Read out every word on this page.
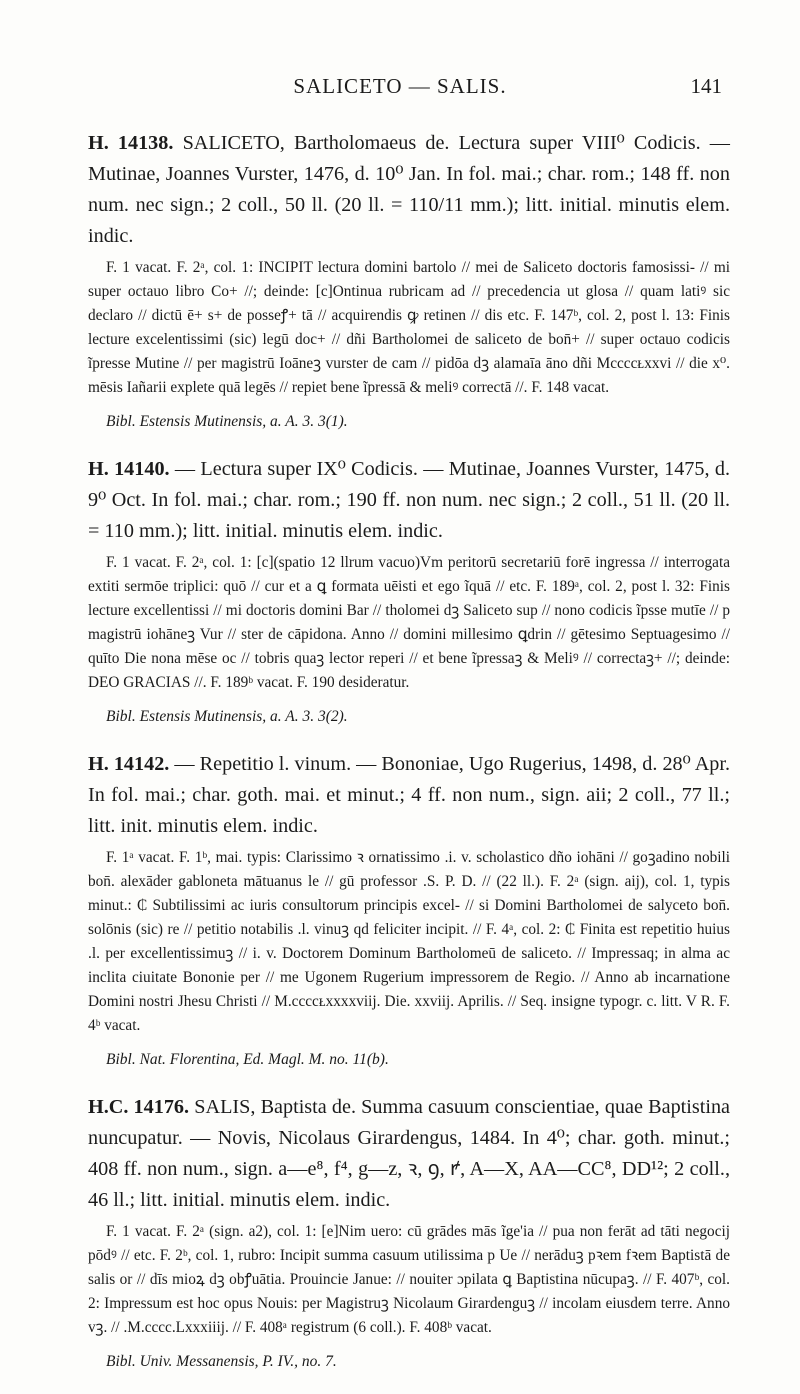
SALICETO — SALIS.	141

H. 14138. SALICETO, Bartholomaeus de. Lectura super VIII⁰ Codicis. — Mutinae, Joannes Vurster, 1476, d. 10⁰ Jan. In fol. mai.; char. rom.; 148 ff. non num. nec sign.; 2 coll., 50 ll. (20 ll. = 110/11 mm.); litt. initial. minutis elem. indic.

F. 1 vacat. F. 2ᵃ, col. 1: INCIPIT lectura domini bartolo // mei de Saliceto doctoris famosissi- // mi super octauo libro Co+ //; deinde: [c]Ontinua rubricam ad // precedencia ut glosa // quam latiꝰ sic declaro // dictū ē+ s+ de posseꝭ+ tā // acquirendis ꝙ retinen // dis etc. F. 147ᵇ, col. 2, post l. 13: Finis lecture excelentissimi (sic) legū doc+ // dñi Bartholomei de saliceto de bon̄+ // super octauo codicis ĩpresse Mutine // per magistrū Ioāneꝫ vurster de cam // pidōa dꝫ alamaīa āno dñi Mccccᴌxxvi // die x⁰. mēsis Iañarii explete quā legēs // repiet bene ĩpressā & meliꝰ correctā //. F. 148 vacat.

Bibl. Estensis Mutinensis, a. A. 3. 3(1).

H. 14140. — Lectura super IX⁰ Codicis. — Mutinae, Joannes Vurster, 1475, d. 9⁰ Oct. In fol. mai.; char. rom.; 190 ff. non num. nec sign.; 2 coll., 51 ll. (20 ll. = 110 mm.); litt. initial. minutis elem. indic.

F. 1 vacat. F. 2ᵃ, col. 1: [c](spatio 12 llrum vacuo)Vm peritorū secretariū forē ingressa // interrogata extiti sermōe triplici: quō // cur et a ꝗ formata uēisti et ego ĩquā // etc. F. 189ᵃ, col. 2, post l. 32: Finis lecture excellentissi // mi doctoris domini Bar // tholomei dꝫ Saliceto sup // nono codicis ĩpsse mutīe // p magistrū iohāneꝫ Vur // ster de cāpidona. Anno // domini millesimo ꝗdrin // gētesimo Septuagesimo // quīto Die nona mēse oc // tobris quaꝫ lector reperi // et bene ĩpressaꝫ & Meliꝰ // correctaꝫ+ //; deinde: DEO GRACIAS //. F. 189ᵇ vacat. F. 190 desideratur.

Bibl. Estensis Mutinensis, a. A. 3. 3(2).

H. 14142. — Repetitio l. vinum. — Bononiae, Ugo Rugerius, 1498, d. 28⁰ Apr. In fol. mai.; char. goth. mai. et minut.; 4 ff. non num., sign. aii; 2 coll., 77 ll.; litt. init. minutis elem. indic.

F. 1ᵃ vacat. F. 1ᵇ, mai. typis: Clarissimo ꝛ ornatissimo .i. v. scholastico dño iohāni // goꝫadino nobili bon̄. alexāder gabloneta mātuanus le // gū professor .S. P. D. // (22 ll.). F. 2ᵃ (sign. aij), col. 1, typis minut.: ₵ Subtilissimi ac iuris consultorum principis excel- // si Domini Bartholomei de salyceto bon̄. solōnis (sic) re // petitio notabilis .l. vinuꝫ qd feliciter incipit. // F. 4ᵃ, col. 2: ₵ Finita est repetitio huius .l. per excellentissimuꝫ // i. v. Doctorem Dominum Bartholomeū de saliceto. // Impressaq; in alma ac inclita ciuitate Bononie per // me Ugonem Rugerium impressorem de Regio. // Anno ab incarnatione Domini nostri Jhesu Christi // M.ccccᴌxxxxviij. Die. xxviij. Aprilis. // Seq. insigne typogr. c. litt. V R. F. 4ᵇ vacat.

Bibl. Nat. Florentina, Ed. Magl. M. no. 11(b).

H.C. 14176. SALIS, Baptista de. Summa casuum conscientiae, quae Baptistina nuncupatur. — Novis, Nicolaus Girardengus, 1484. In 4⁰; char. goth. minut.; 408 ff. non num., sign. a—e⁸, f⁴, g—z, ꝛ, ꝯ, ꝵ, A—X, AA—CC⁸, DD¹²; 2 coll., 46 ll.; litt. initial. minutis elem. indic.

F. 1 vacat. F. 2ᵃ (sign. a2), col. 1: [e]Nim uero: cū grādes mās ĩge'ia // pua non ferāt ad tāti negocij pōdꝰ // etc. F. 2ᵇ, col. 1, rubro: Incipit summa casuum utilissima p Ue // nerāduꝫ pꝛem fꝛem Baptistā de salis or // dīs mioꝝ dꝫ obꝭuātia. Prouincie Janue: // nouiter ɔpilata ꝗ Baptistina nūcupaꝫ. // F. 407ᵇ, col. 2: Impressum est hoc opus Nouis: per Magistruꝫ Nicolaum Girardenguꝫ // incolam eiusdem terre. Anno vꝫ. // .M.cccc.Lxxxiiij. // F. 408ᵃ registrum (6 coll.). F. 408ᵇ vacat.

Bibl. Univ. Messanensis, P. IV., no. 7.
